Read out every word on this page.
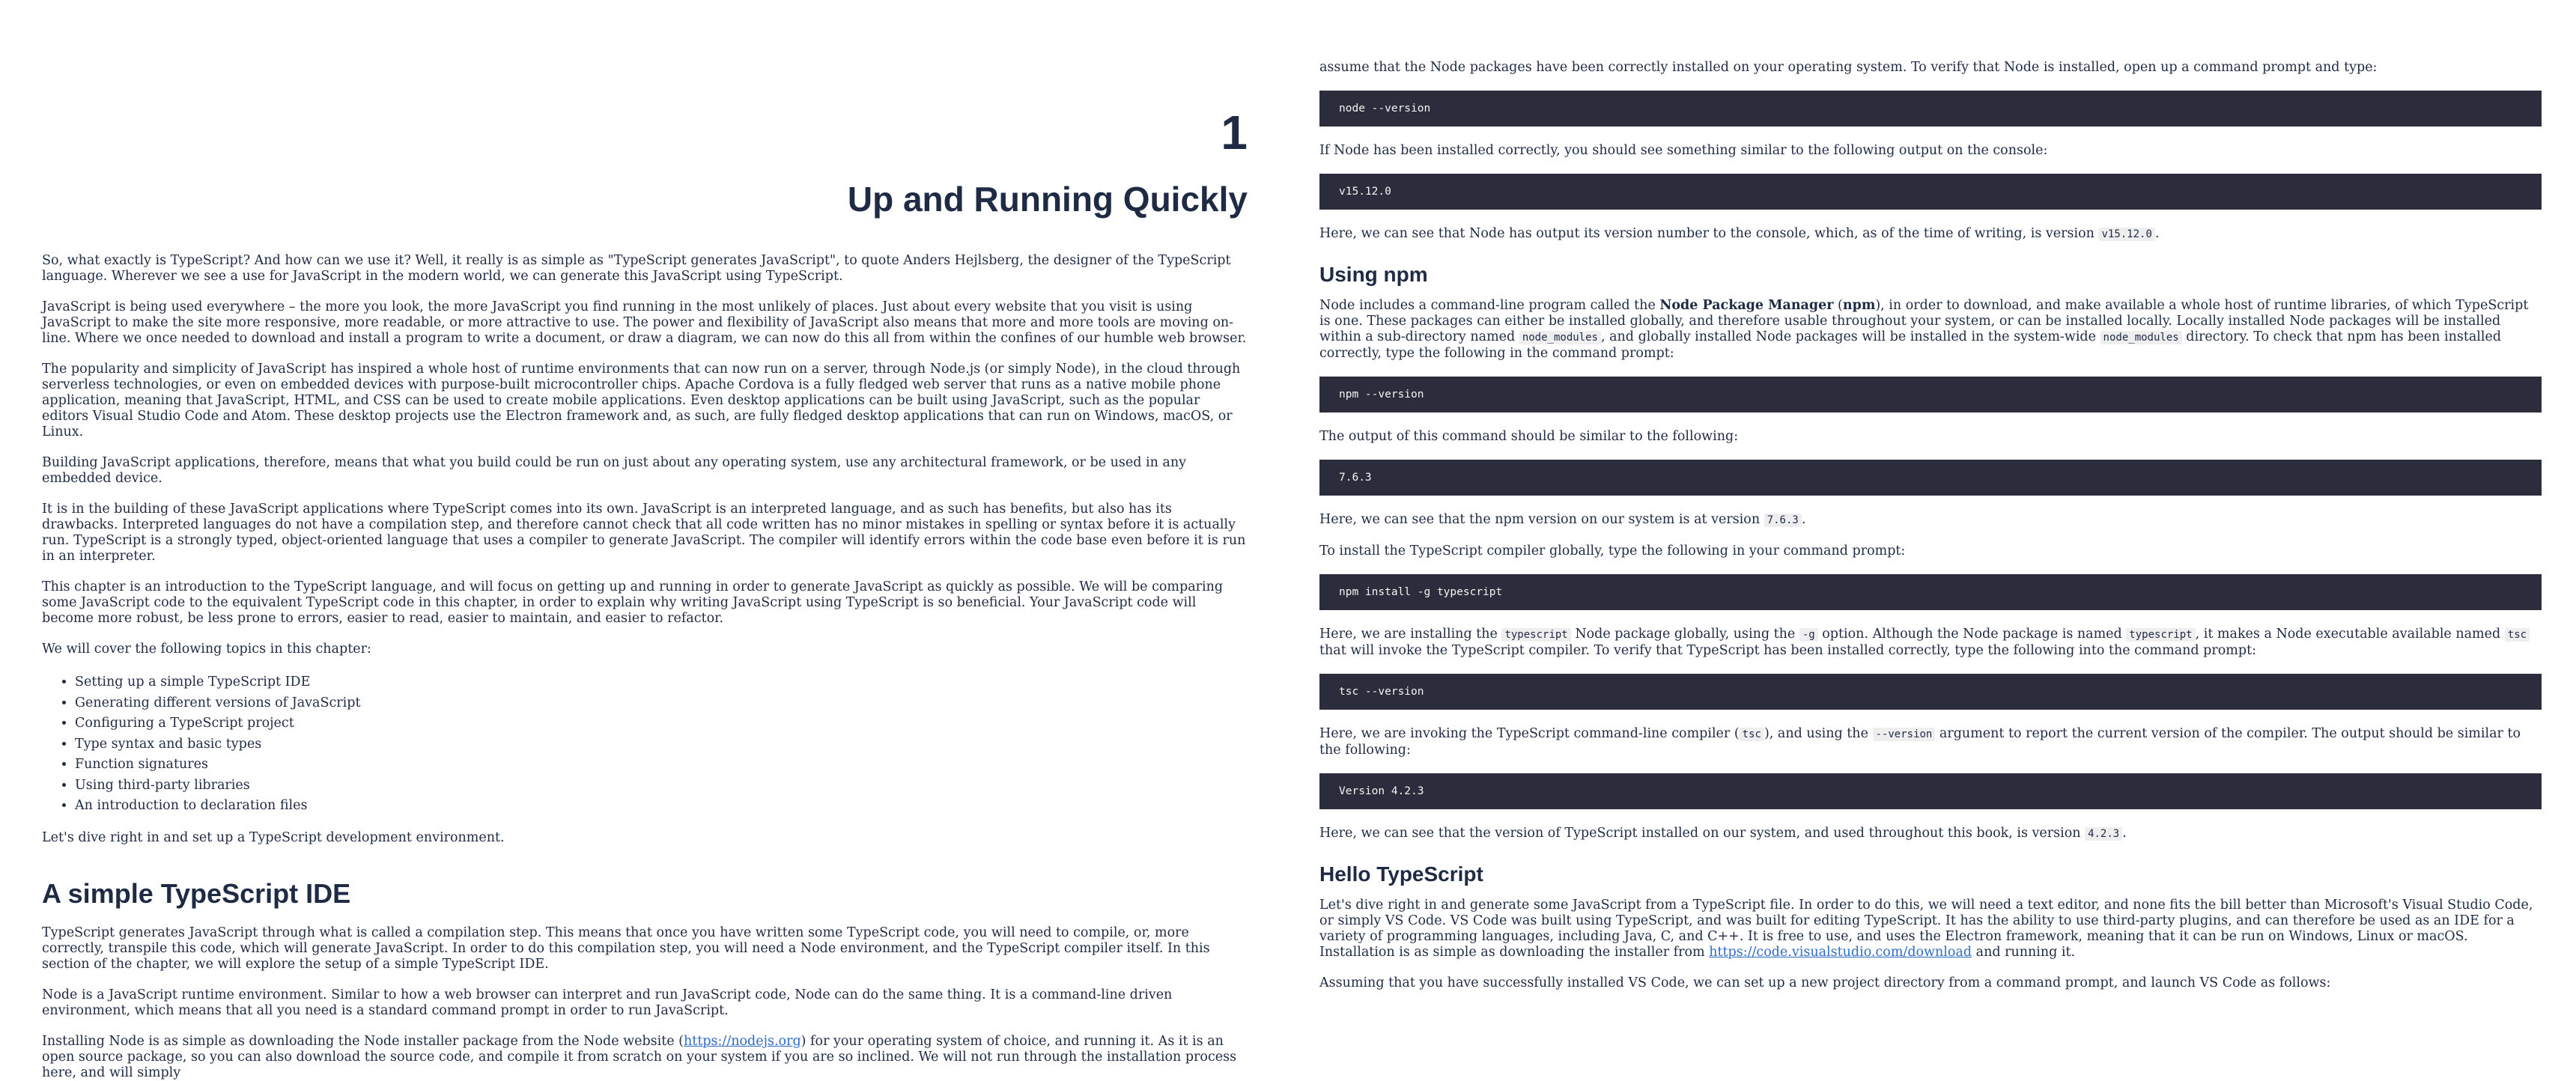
1
Up and Running Quickly

So, what exactly is TypeScript? And how can we use it? Well, it really is as simple as "TypeScript generates JavaScript", to quote Anders Hejlsberg, the designer of the TypeScript language. Wherever we see a use for JavaScript in the modern world, we can generate this JavaScript using TypeScript.

JavaScript is being used everywhere – the more you look, the more JavaScript you find running in the most unlikely of places. Just about every website that you visit is using JavaScript to make the site more responsive, more readable, or more attractive to use. The power and flexibility of JavaScript also means that more and more tools are moving on-line. Where we once needed to download and install a program to write a document, or draw a diagram, we can now do this all from within the confines of our humble web browser.

The popularity and simplicity of JavaScript has inspired a whole host of runtime environments that can now run on a server, through Node.js (or simply Node), in the cloud through serverless technologies, or even on embedded devices with purpose-built microcontroller chips. Apache Cordova is a fully fledged web server that runs as a native mobile phone application, meaning that JavaScript, HTML, and CSS can be used to create mobile applications. Even desktop applications can be built using JavaScript, such as the popular editors Visual Studio Code and Atom. These desktop projects use the Electron framework and, as such, are fully fledged desktop applications that can run on Windows, macOS, or Linux.

Building JavaScript applications, therefore, means that what you build could be run on just about any operating system, use any architectural framework, or be used in any embedded device.

It is in the building of these JavaScript applications where TypeScript comes into its own. JavaScript is an interpreted language, and as such has benefits, but also has its drawbacks. Interpreted languages do not have a compilation step, and therefore cannot check that all code written has no minor mistakes in spelling or syntax before it is actually run. TypeScript is a strongly typed, object-oriented language that uses a compiler to generate JavaScript. The compiler will identify errors within the code base even before it is run in an interpreter.

This chapter is an introduction to the TypeScript language, and will focus on getting up and running in order to generate JavaScript as quickly as possible. We will be comparing some JavaScript code to the equivalent TypeScript code in this chapter, in order to explain why writing JavaScript using TypeScript is so beneficial. Your JavaScript code will become more robust, be less prone to errors, easier to read, easier to maintain, and easier to refactor.

We will cover the following topics in this chapter:

• Setting up a simple TypeScript IDE
• Generating different versions of JavaScript
• Configuring a TypeScript project
• Type syntax and basic types
• Function signatures
• Using third-party libraries
• An introduction to declaration files

Let's dive right in and set up a TypeScript development environment.

A simple TypeScript IDE

TypeScript generates JavaScript through what is called a compilation step. This means that once you have written some TypeScript code, you will need to compile, or, more correctly, transpile this code, which will generate JavaScript. In order to do this compilation step, you will need a Node environment, and the TypeScript compiler itself. In this section of the chapter, we will explore the setup of a simple TypeScript IDE.

Node is a JavaScript runtime environment. Similar to how a web browser can interpret and run JavaScript code, Node can do the same thing. It is a command-line driven environment, which means that all you need is a standard command prompt in order to run JavaScript.

Installing Node is as simple as downloading the Node installer package from the Node website (https://nodejs.org) for your operating system of choice, and running it. As it is an open source package, so you can also download the source code, and compile it from scratch on your system if you are so inclined. We will not run through the installation process here, and will simply

assume that the Node packages have been correctly installed on your operating system. To verify that Node is installed, open up a command prompt and type:

node --version

If Node has been installed correctly, you should see something similar to the following output on the console:

v15.12.0

Here, we can see that Node has output its version number to the console, which, as of the time of writing, is version v15.12.0 .

Using npm

Node includes a command-line program called the Node Package Manager (npm), in order to download, and make available a whole host of runtime libraries, of which TypeScript is one. These packages can either be installed globally, and therefore usable throughout your system, or can be installed locally. Locally installed Node packages will be installed within a sub-directory named node_modules , and globally installed Node packages will be installed in the system-wide node_modules directory. To check that npm has been installed correctly, type the following in the command prompt:

npm --version

The output of this command should be similar to the following:

7.6.3

Here, we can see that the npm version on our system is at version 7.6.3 .

To install the TypeScript compiler globally, type the following in your command prompt:

npm install -g typescript

Here, we are installing the typescript Node package globally, using the -g option. Although the Node package is named typescript , it makes a Node executable available named tsc that will invoke the TypeScript compiler. To verify that TypeScript has been installed correctly, type the following into the command prompt:

tsc --version

Here, we are invoking the TypeScript command-line compiler ( tsc ), and using the --version argument to report the current version of the compiler. The output should be similar to the following:

Version 4.2.3

Here, we can see that the version of TypeScript installed on our system, and used throughout this book, is version 4.2.3 .

Hello TypeScript

Let's dive right in and generate some JavaScript from a TypeScript file. In order to do this, we will need a text editor, and none fits the bill better than Microsoft's Visual Studio Code, or simply VS Code. VS Code was built using TypeScript, and was built for editing TypeScript. It has the ability to use third-party plugins, and can therefore be used as an IDE for a variety of programming languages, including Java, C, and C++. It is free to use, and uses the Electron framework, meaning that it can be run on Windows, Linux or macOS. Installation is as simple as downloading the installer from https://code.visualstudio.com/download and running it.

Assuming that you have successfully installed VS Code, we can set up a new project directory from a command prompt, and launch VS Code as follows:
